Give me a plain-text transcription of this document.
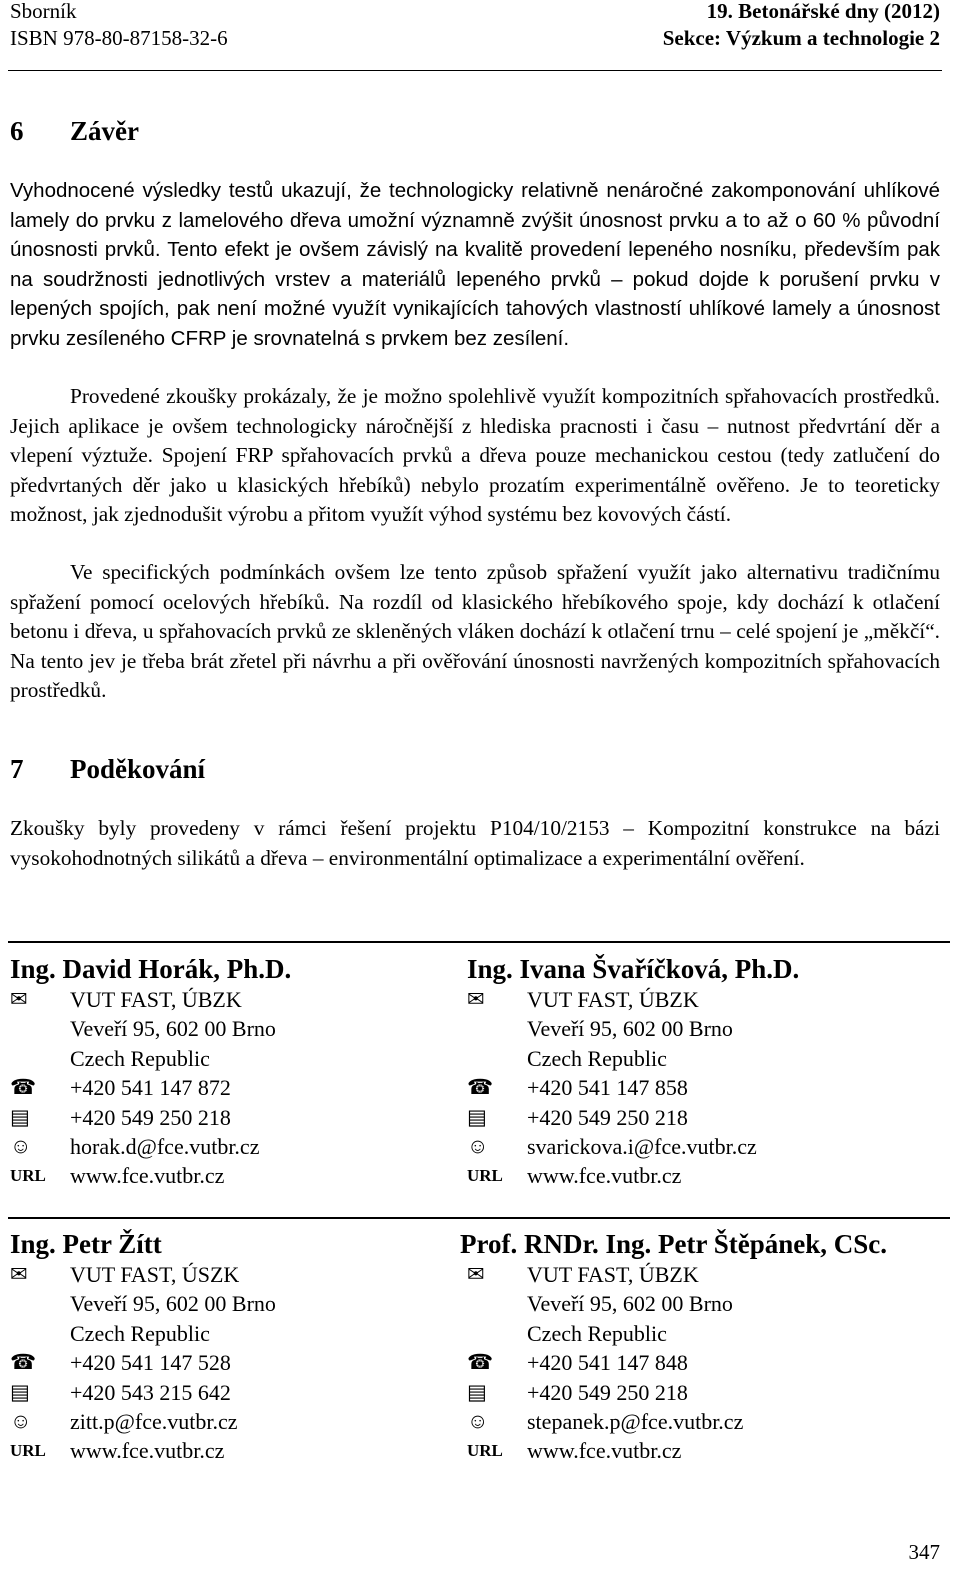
Sborník
ISBN 978-80-87158-32-6
19. Betonářské dny (2012)
Sekce: Výzkum a technologie 2
6 Závěr

Vyhodnocené výsledky testů ukazují, že technologicky relativně nenáročné zakomponování uhlíkové lamely do prvku z lamelového dřeva umožní významně zvýšit únosnost prvku a to až o 60 % původní únosnosti prvků. Tento efekt je ovšem závislý na kvalitě provedení lepeného nosníku, především pak na soudržnosti jednotlivých vrstev a materiálů lepeného prvků – pokud dojde k porušení prvku v lepených spojích, pak není možné využít vynikajících tahových vlastností uhlíkové lamely a únosnost prvku zesíleného CFRP je srovnatelná s prvkem bez zesílení.

Provedené zkoušky prokázaly, že je možno spolehlivě využít kompozitních spřahovacích prostředků. Jejich aplikace je ovšem technologicky náročnější z hlediska pracnosti i času – nutnost předvrtání děr a vlepení výztuže. Spojení FRP spřahovacích prvků a dřeva pouze mechanickou cestou (tedy zatlučení do předvrtaných děr jako u klasických hřebíků) nebylo prozatím experimentálně ověřeno. Je to teoreticky možnost, jak zjednodušit výrobu a přitom využít výhod systému bez kovových částí.

Ve specifických podmínkách ovšem lze tento způsob spřažení využít jako alternativu tradičnímu spřažení pomocí ocelových hřebíků. Na rozdíl od klasického hřebíkového spoje, kdy dochází k otlačení betonu i dřeva, u spřahovacích prvků ze skleněných vláken dochází k otlačení trnu – celé spojení je „měkčí“. Na tento jev je třeba brát zřetel při návrhu a při ověřování únosnosti navržených kompozitních spřahovacích prostředků.

7 Poděkování

Zkoušky byly provedeny v rámci řešení projektu P104/10/2153 – Kompozitní konstrukce na bázi vysokohodnotných silikátů a dřeva – environmentální optimalizace a experimentální ověření.

Ing. David Horák, Ph.D.
✉	VUT FAST, ÚBZK
Veveří 95, 602 00 Brno
Czech Republic
☎	+420 541 147 872
▤	+420 549 250 218
☺	horak.d@fce.vutbr.cz
URL	www.fce.vutbr.cz
Ing. Ivana Švaříčková, Ph.D.
✉	VUT FAST, ÚBZK
Veveří 95, 602 00 Brno
Czech Republic
☎	+420 541 147 858
▤	+420 549 250 218
☺	svarickova.i@fce.vutbr.cz
URL	www.fce.vutbr.cz
Ing. Petr Žítt
✉	VUT FAST, ÚSZK
Veveří 95, 602 00 Brno
Czech Republic
☎	+420 541 147 528
▤	+420 543 215 642
☺	zitt.p@fce.vutbr.cz
URL	www.fce.vutbr.cz
Prof. RNDr. Ing. Petr Štěpánek, CSc.
✉	VUT FAST, ÚBZK
Veveří 95, 602 00 Brno
Czech Republic
☎	+420 541 147 848
▤	+420 549 250 218
☺	stepanek.p@fce.vutbr.cz
URL	www.fce.vutbr.cz
347
